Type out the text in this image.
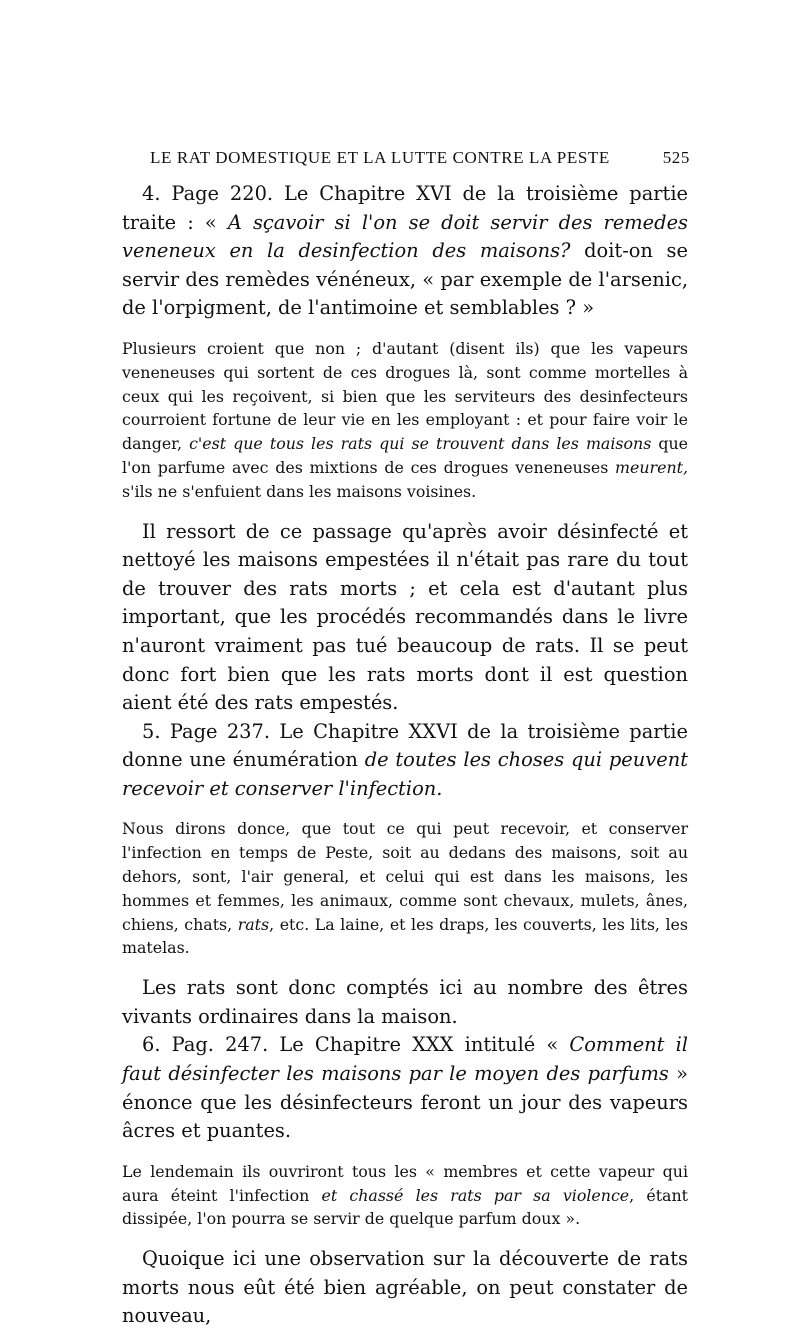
LE RAT DOMESTIQUE ET LA LUTTE CONTRE LA PESTE	525

4. Page 220. Le Chapitre XVI de la troisième partie traite : « A sçavoir si l'on se doit servir des remedes veneneux en la desinfection des maisons? doit-on se servir des remèdes vénéneux, « par exemple de l'arsenic, de l'orpigment, de l'antimoine et semblables ? »

Plusieurs croient que non ; d'autant (disent ils) que les vapeurs veneneuses qui sortent de ces drogues là, sont comme mortelles à ceux qui les reçoivent, si bien que les serviteurs des desinfecteurs courroient fortune de leur vie en les employant : et pour faire voir le danger, c'est que tous les rats qui se trouvent dans les maisons que l'on parfume avec des mixtions de ces drogues veneneuses meurent, s'ils ne s'enfuient dans les maisons voisines.

Il ressort de ce passage qu'après avoir désinfecté et nettoyé les maisons empestées il n'était pas rare du tout de trouver des rats morts ; et cela est d'autant plus important, que les procédés recommandés dans le livre n'auront vraiment pas tué beaucoup de rats. Il se peut donc fort bien que les rats morts dont il est question aient été des rats empestés.

5. Page 237. Le Chapitre XXVI de la troisième partie donne une énumération de toutes les choses qui peuvent recevoir et conserver l'infection.

Nous dirons donce, que tout ce qui peut recevoir, et conserver l'infection en temps de Peste, soit au dedans des maisons, soit au dehors, sont, l'air general, et celui qui est dans les maisons, les hommes et femmes, les animaux, comme sont chevaux, mulets, ânes, chiens, chats, rats, etc. La laine, et les draps, les couverts, les lits, les matelas.

Les rats sont donc comptés ici au nombre des êtres vivants ordinaires dans la maison.

6. Pag. 247. Le Chapitre XXX intitulé « Comment il faut désinfecter les maisons par le moyen des parfums » énonce que les désinfecteurs feront un jour des vapeurs âcres et puantes.

Le lendemain ils ouvriront tous les « membres et cette vapeur qui aura éteint l'infection et chassé les rats par sa violence, étant dissipée, l'on pourra se servir de quelque parfum doux ».

Quoique ici une observation sur la découverte de rats morts nous eût été bien agréable, on peut constater de nouveau,
